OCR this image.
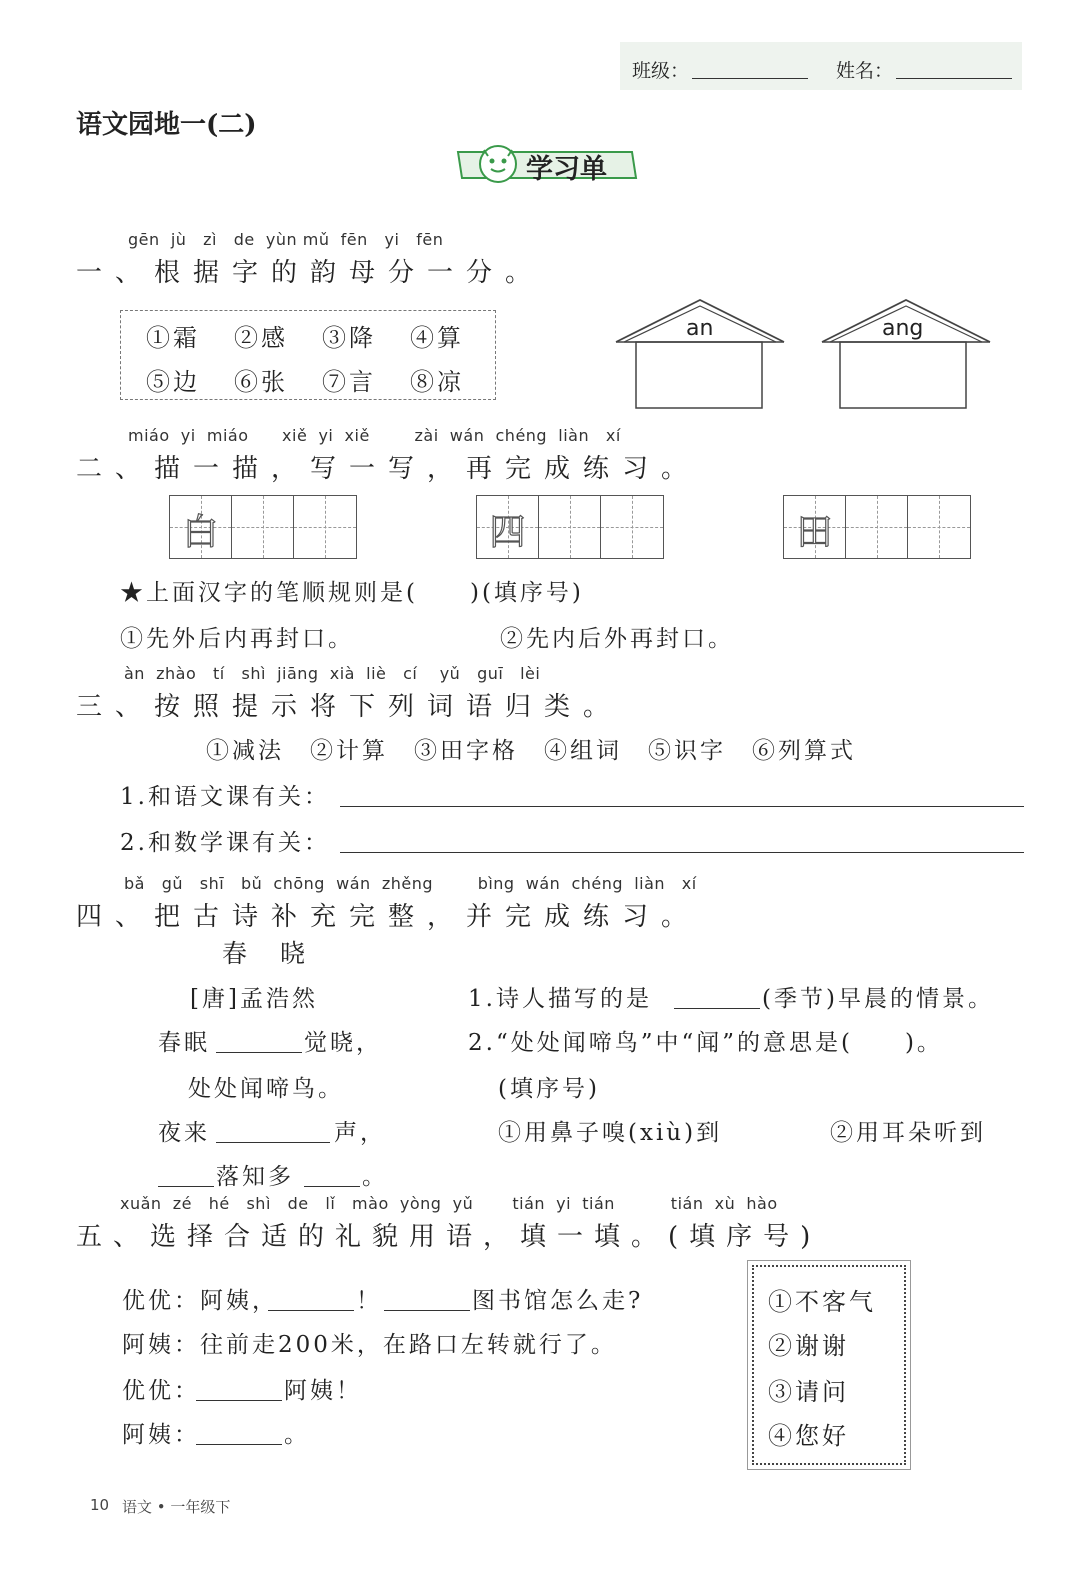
班级：	姓名：
语文园地一(二)
学习单
gēn  jù   zì   de  yùn mǔ  fēn   yi   fēn
一、根据字的韵母分一分。
①霜 ②感 ③降 ④算
⑤边 ⑥张 ⑦言 ⑧凉
an	ang
miáo  yi  miáo      xiě  yi  xiě        zài  wán  chéng  liàn   xí
二、描一描，写一写，再完成练习。
白	四	田
★上面汉字的笔顺规则是(　　)(填序号)
①先外后内再封口。	②先内后外再封口。
àn  zhào   tí   shì  jiāng  xià  liè   cí    yǔ   guī   lèi
三、按照提示将下列词语归类。
①减法　②计算　③田字格　④组词　⑤识字　⑥列算式
1.和语文课有关：
2.和数学课有关：
bǎ   gǔ   shī   bǔ  chōng  wán  zhěng        bìng  wán  chéng  liàn   xí
四、把古诗补充完整，并完成练习。
春　晓
[唐]孟浩然
春眠	觉晓，
处处闻啼鸟。
夜来	声，
落知多	。
1.诗人描写的是	(季节)早晨的情景。
2.“处处闻啼鸟”中“闻”的意思是(　　)。
(填序号)
①用鼻子嗅(xiù)到	②用耳朵听到
xuǎn  zé   hé   shì   de   lǐ   mào  yòng  yǔ       tián  yi  tián          tián  xù  hào
五、选择合适的礼貌用语，填一填。(填序号)
优优：阿姨，	！	图书馆怎么走?
阿姨：往前走200米，在路口左转就行了。
优优：	阿姨！
阿姨：	。
①不客气
②谢谢
③请问
④您好
10 语文 • 一年级下
